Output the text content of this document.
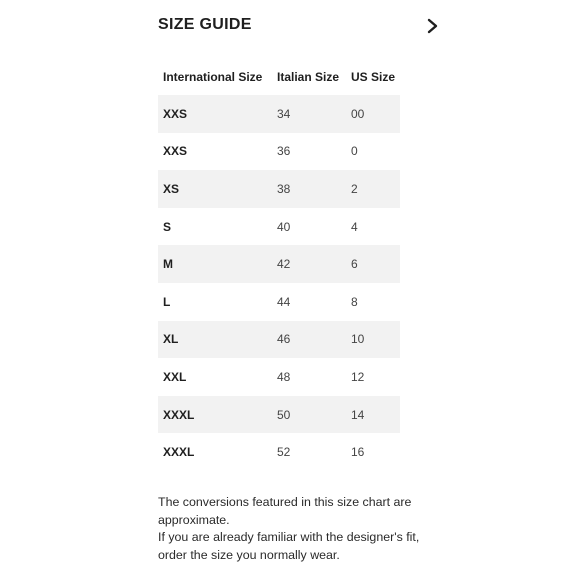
SIZE GUIDE
International Size	Italian Size	US Size
XXS	34	00
XXS	36	0
XS	38	2
S	40	4
M	42	6
L	44	8
XL	46	10
XXL	48	12
XXXL	50	14
XXXL	52	16

The conversions featured in this size chart are approximate.

If you are already familiar with the designer's fit, order the size you normally wear.
